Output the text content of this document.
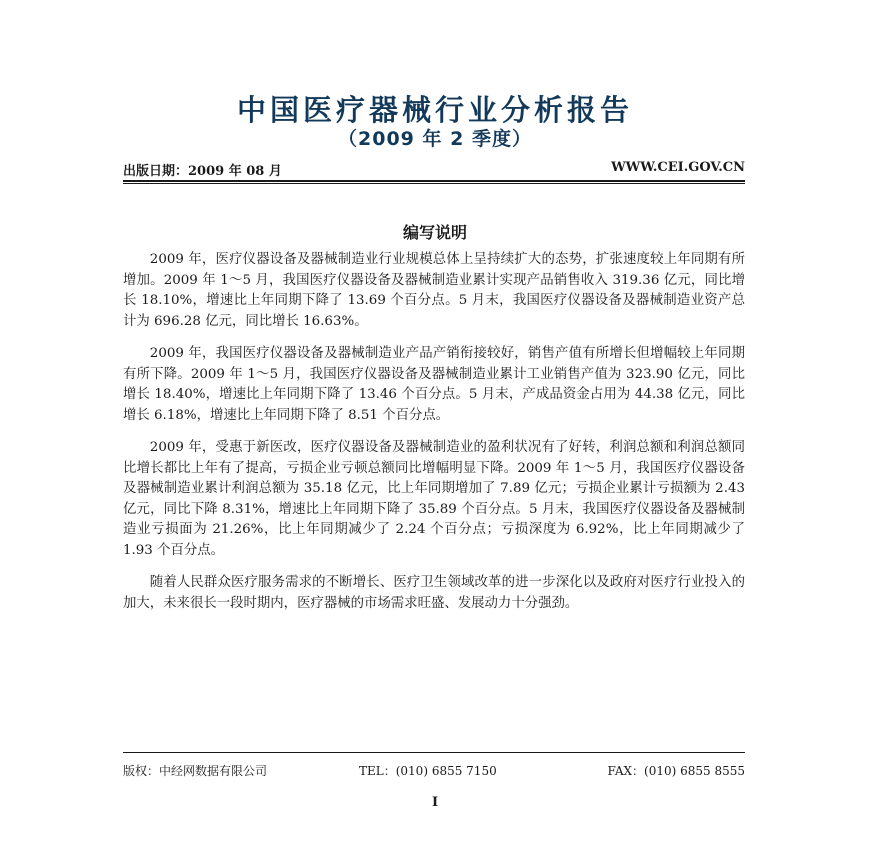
中国医疗器械行业分析报告
（2009 年 2 季度）
出版日期：2009 年 08 月	WWW.CEI.GOV.CN
编写说明

2009 年，医疗仪器设备及器械制造业行业规模总体上呈持续扩大的态势，扩张速度较上年同期有所增加。2009 年 1～5 月，我国医疗仪器设备及器械制造业累计实现产品销售收入 319.36 亿元，同比增长 18.10%，增速比上年同期下降了 13.69 个百分点。5 月末，我国医疗仪器设备及器械制造业资产总计为 696.28 亿元，同比增长 16.63%。

2009 年，我国医疗仪器设备及器械制造业产品产销衔接较好，销售产值有所增长但增幅较上年同期有所下降。2009 年 1～5 月，我国医疗仪器设备及器械制造业累计工业销售产值为 323.90 亿元，同比增长 18.40%，增速比上年同期下降了 13.46 个百分点。5 月末，产成品资金占用为 44.38 亿元，同比增长 6.18%，增速比上年同期下降了 8.51 个百分点。

2009 年，受惠于新医改，医疗仪器设备及器械制造业的盈利状况有了好转，利润总额和利润总额同比增长都比上年有了提高，亏损企业亏顿总额同比增幅明显下降。2009 年 1～5 月，我国医疗仪器设备及器械制造业累计利润总额为 35.18 亿元，比上年同期增加了 7.89 亿元；亏损企业累计亏损额为 2.43 亿元，同比下降 8.31%，增速比上年同期下降了 35.89 个百分点。5 月末，我国医疗仪器设备及器械制造业亏损面为 21.26%，比上年同期减少了 2.24 个百分点；亏损深度为 6.92%，比上年同期减少了 1.93 个百分点。

随着人民群众医疗服务需求的不断增长、医疗卫生领域改革的进一步深化以及政府对医疗行业投入的加大，未来很长一段时期内，医疗器械的市场需求旺盛、发展动力十分强劲。

版权：中经网数据有限公司	TEL：(010) 6855 7150	FAX：(010) 6855 8555
I
